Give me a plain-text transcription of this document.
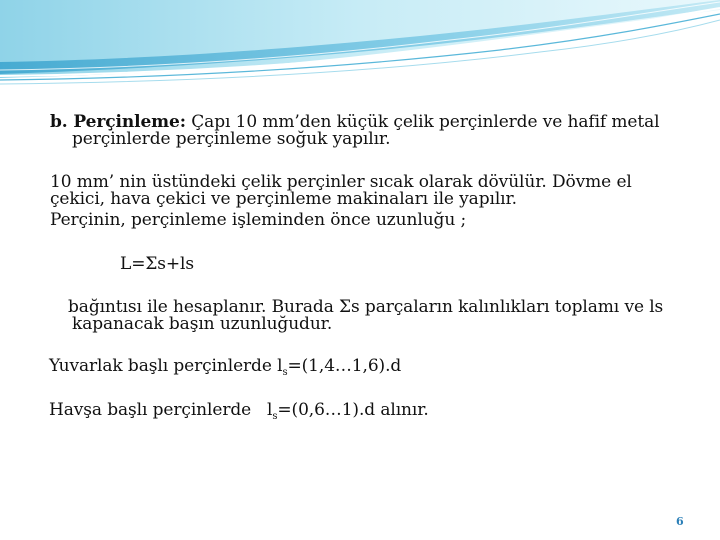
b. Perçinleme: Çapı 10 mm’den küçük çelik perçinlerde ve hafif metal
perçinlerde perçinleme soğuk yapılır.
10 mm’ nin üstündeki çelik perçinler sıcak olarak dövülür. Dövme el
çekici, hava çekici ve perçinleme makinaları ile yapılır.
Perçinin, perçinleme işleminden önce uzunluğu ;
L=Σs+ls
bağıntısı ile hesaplanır. Burada Σs parçaların kalınlıkları toplamı ve ls
kapanacak başın uzunluğudur.
Yuvarlak başlı perçinlerde $l_s=(1,4\dots 1,6).d$
Havşa başlı perçinlerde   $l_s=(0,6\dots 1).d$ alınır.
6
